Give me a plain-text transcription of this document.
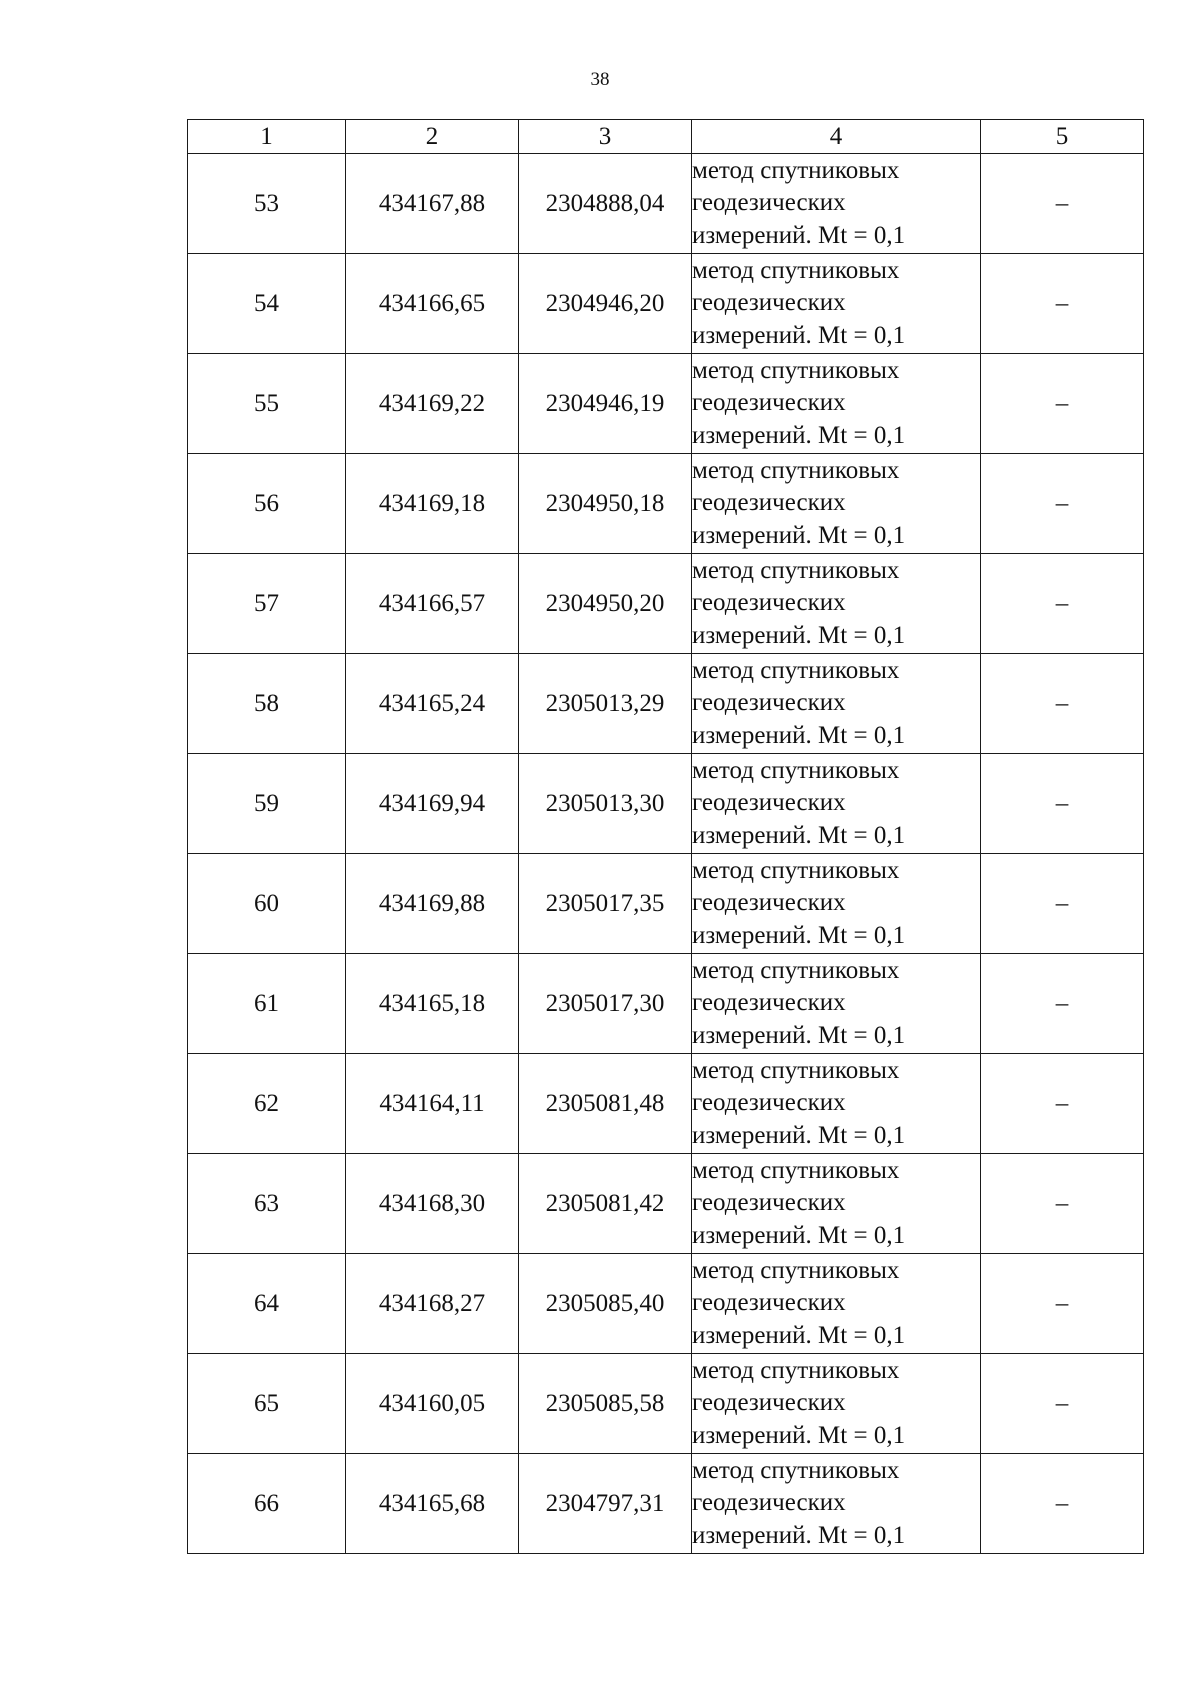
38
1	2	3	4	5
53	434167,88	2304888,04	метод спутниковых
геодезических
измерений. Mt = 0,1	–
54	434166,65	2304946,20	метод спутниковых
геодезических
измерений. Mt = 0,1	–
55	434169,22	2304946,19	метод спутниковых
геодезических
измерений. Mt = 0,1	–
56	434169,18	2304950,18	метод спутниковых
геодезических
измерений. Mt = 0,1	–
57	434166,57	2304950,20	метод спутниковых
геодезических
измерений. Mt = 0,1	–
58	434165,24	2305013,29	метод спутниковых
геодезических
измерений. Mt = 0,1	–
59	434169,94	2305013,30	метод спутниковых
геодезических
измерений. Mt = 0,1	–
60	434169,88	2305017,35	метод спутниковых
геодезических
измерений. Mt = 0,1	–
61	434165,18	2305017,30	метод спутниковых
геодезических
измерений. Mt = 0,1	–
62	434164,11	2305081,48	метод спутниковых
геодезических
измерений. Mt = 0,1	–
63	434168,30	2305081,42	метод спутниковых
геодезических
измерений. Mt = 0,1	–
64	434168,27	2305085,40	метод спутниковых
геодезических
измерений. Mt = 0,1	–
65	434160,05	2305085,58	метод спутниковых
геодезических
измерений. Mt = 0,1	–
66	434165,68	2304797,31	метод спутниковых
геодезических
измерений. Mt = 0,1	–
